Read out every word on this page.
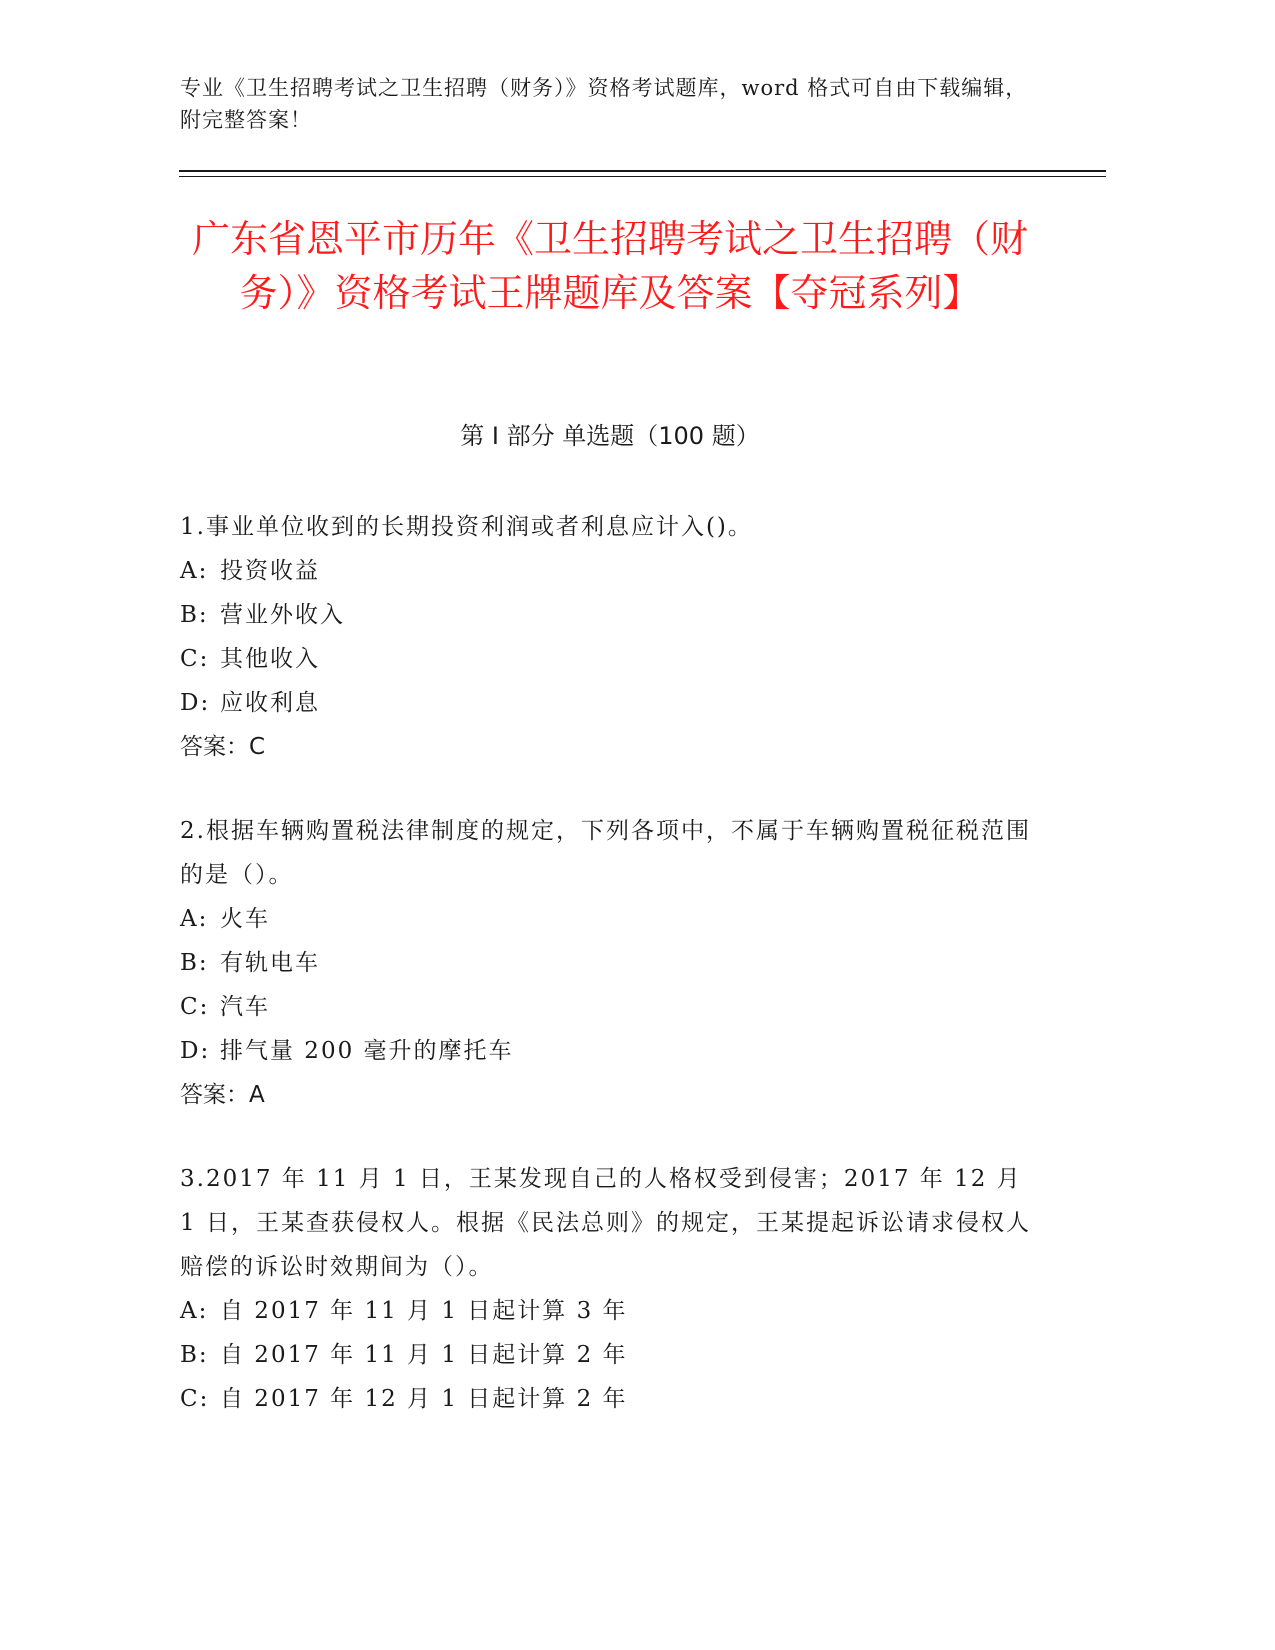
专业《卫生招聘考试之卫生招聘（财务）》资格考试题库，word 格式可自由下载编辑，附完整答案！
广东省恩平市历年《卫生招聘考试之卫生招聘（财务）》资格考试王牌题库及答案【夺冠系列】
第 I 部分 单选题（100 题）
1.事业单位收到的长期投资利润或者利息应计入()。
A: 投资收益
B: 营业外收入
C: 其他收入
D: 应收利息
答案：C
2.根据车辆购置税法律制度的规定，下列各项中，不属于车辆购置税征税范围的是（）。
A: 火车
B: 有轨电车
C: 汽车
D: 排气量 200 毫升的摩托车
答案：A
3.2017 年 11 月 1 日，王某发现自己的人格权受到侵害；2017 年 12 月 1 日，王某查获侵权人。根据《民法总则》的规定，王某提起诉讼请求侵权人赔偿的诉讼时效期间为（）。
A: 自 2017 年 11 月 1 日起计算 3 年
B: 自 2017 年 11 月 1 日起计算 2 年
C: 自 2017 年 12 月 1 日起计算 2 年
